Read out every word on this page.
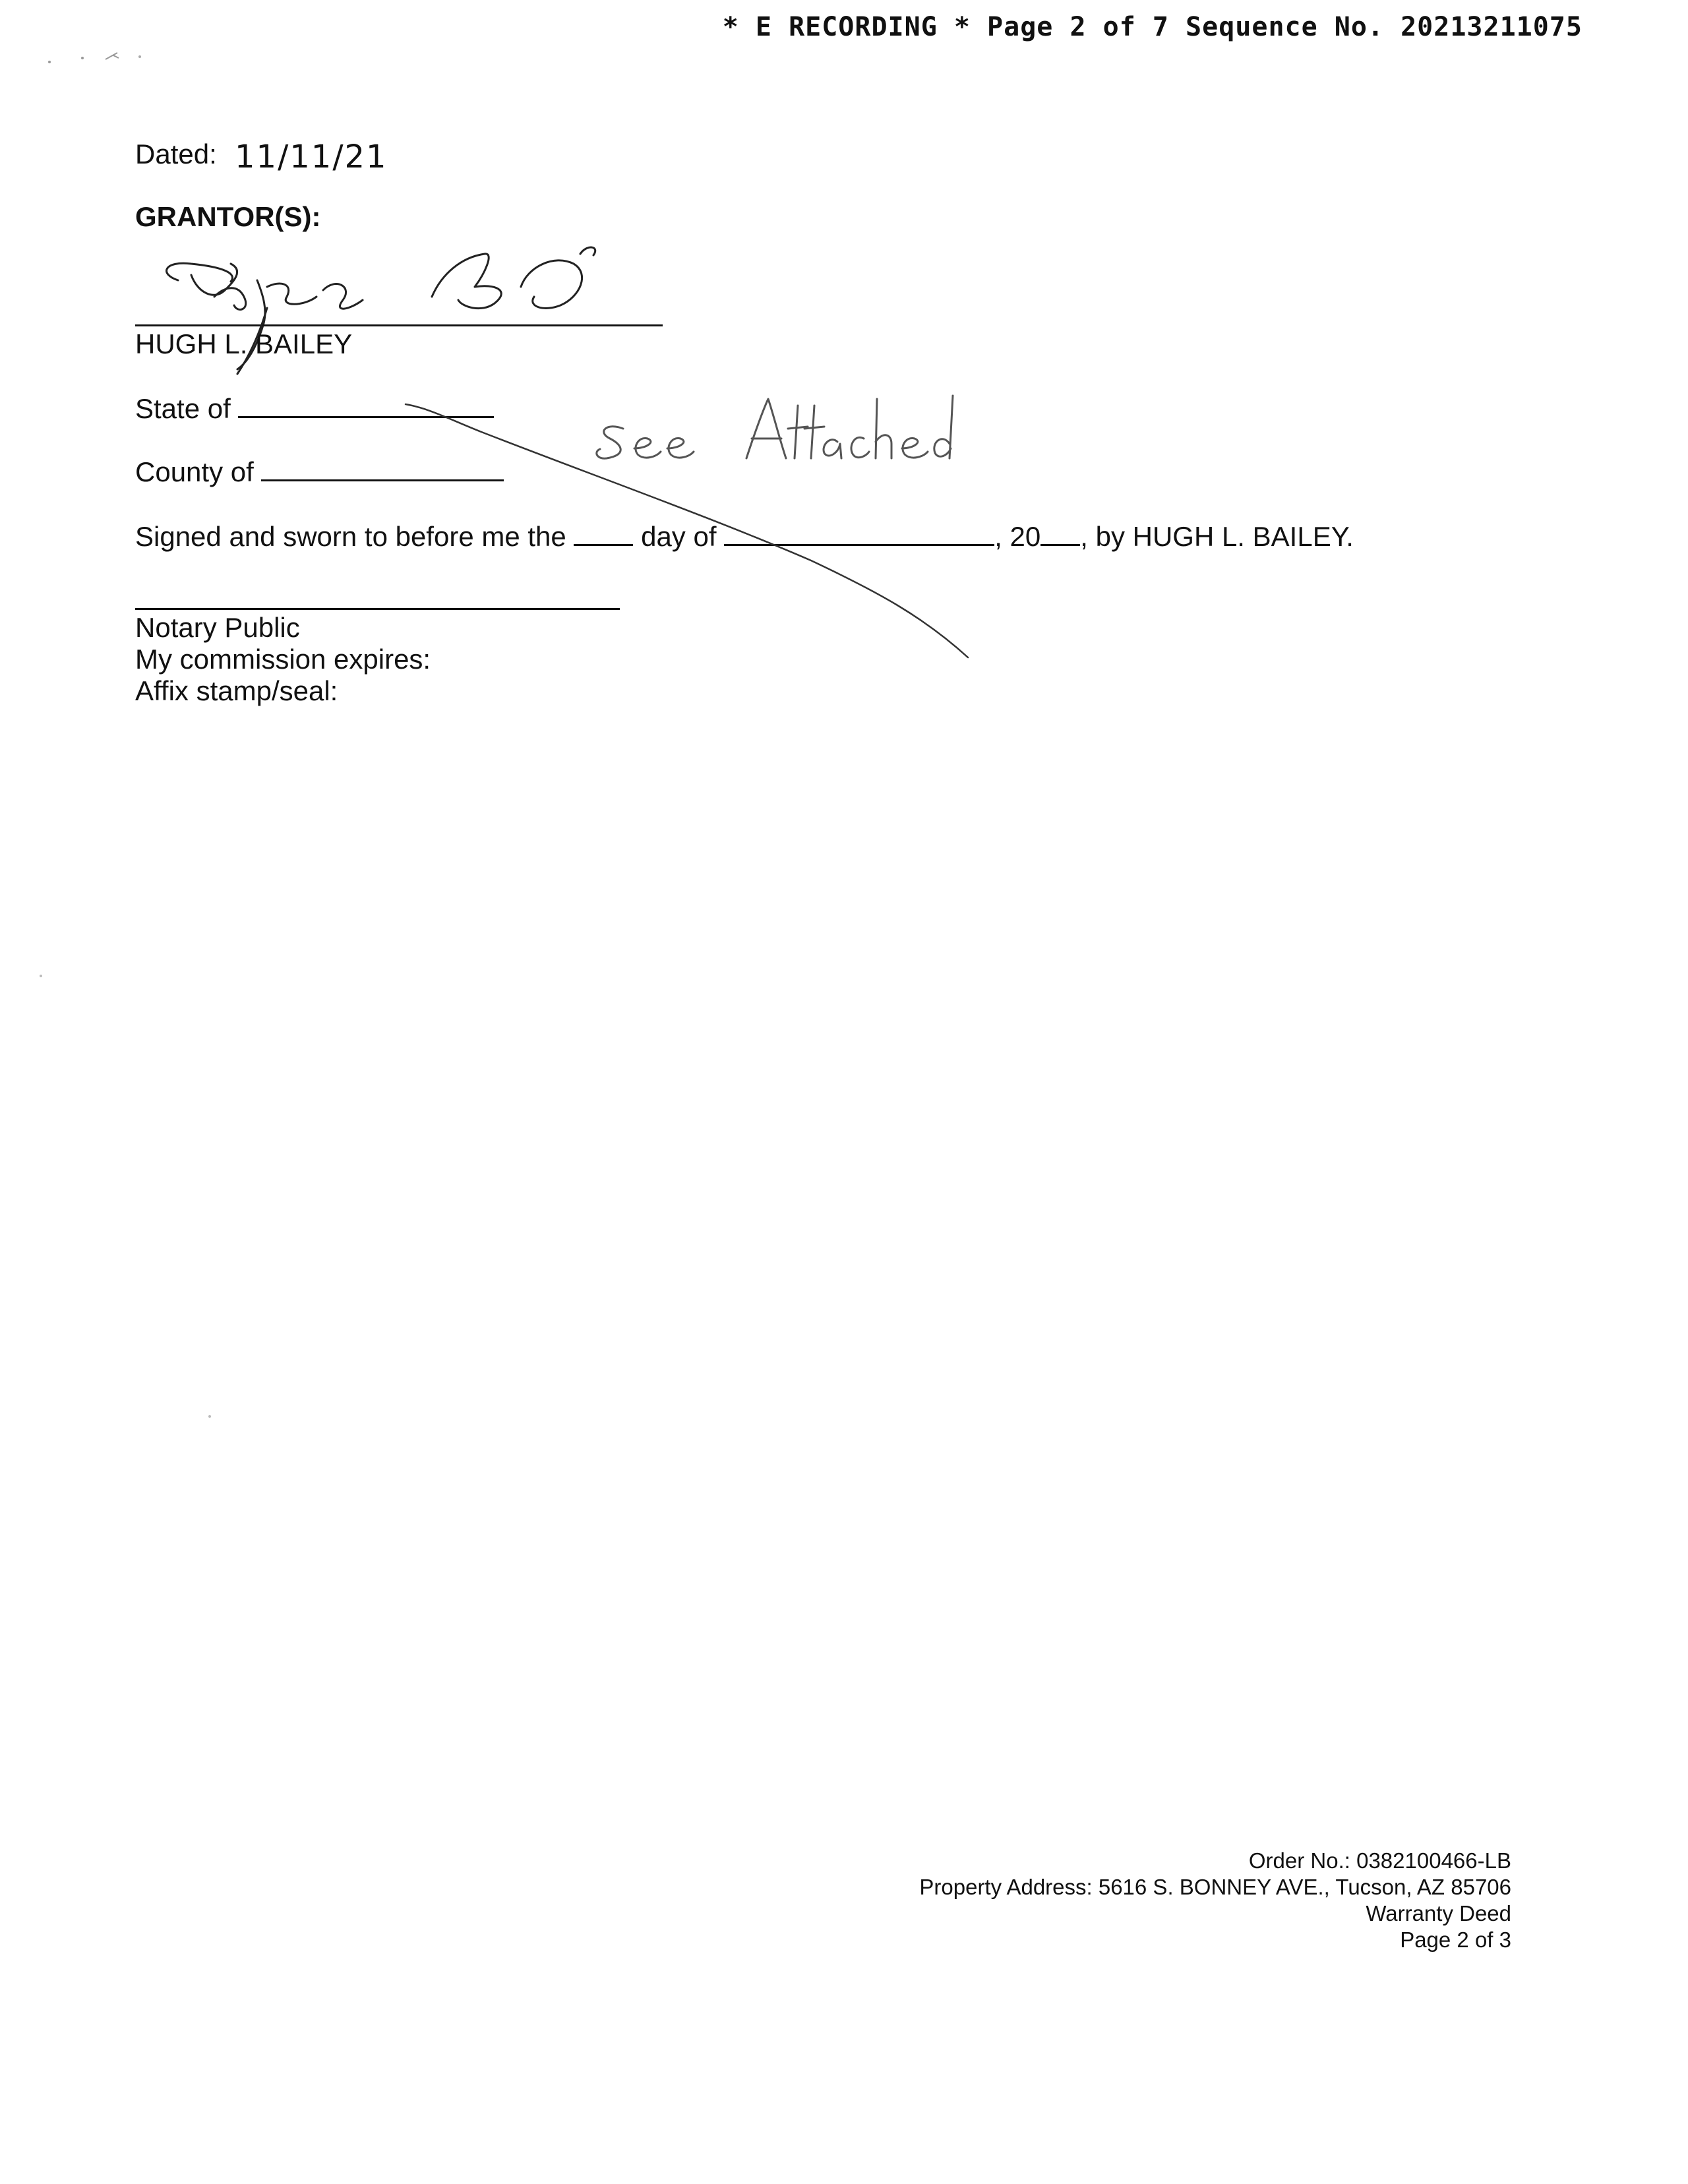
* E RECORDING * Page 2 of 7 Sequence No. 20213211075
Dated: 11/11/21
GRANTOR(S):
HUGH L. BAILEY
State of
County of
Signed and sworn to before me the	day of	, 20 , by HUGH L. BAILEY.
Notary Public
My commission expires:
Affix stamp/seal:
Order No.: 0382100466-LB
Property Address: 5616 S. BONNEY AVE., Tucson, AZ 85706
Warranty Deed
Page 2 of 3
